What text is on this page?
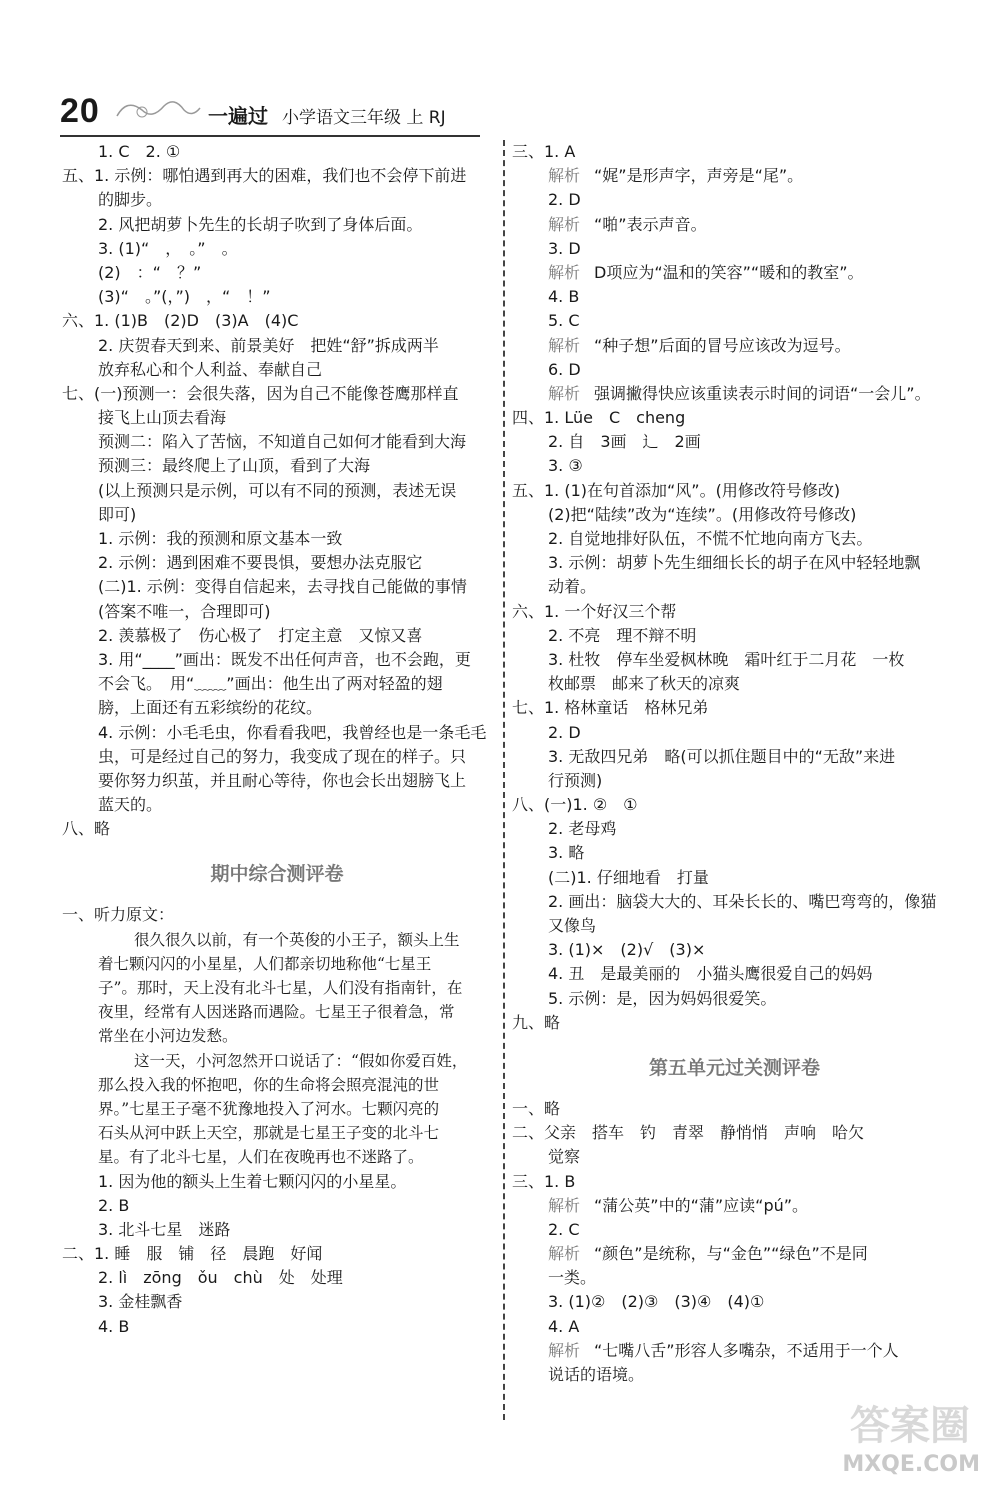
20	一遍过 小学语文三年级 上 RJ
1. C　2. ①
五、1. 示例：哪怕遇到再大的困难，我们也不会停下前进
的脚步。
2. 风把胡萝卜先生的长胡子吹到了身体后面。
3. (1)“　，　。”　。
(2)　：“　？”
(3)“　。”(，”)　，“　！”
六、1. (1)B　(2)D　(3)A　(4)C
2. 庆贺春天到来、前景美好　把姓“舒”拆成两半
放弃私心和个人利益、奉献自己
七、(一)预测一：会很失落，因为自己不能像苍鹰那样直
接飞上山顶去看海
预测二：陷入了苦恼，不知道自己如何才能看到大海
预测三：最终爬上了山顶，看到了大海
(以上预测只是示例，可以有不同的预测，表述无误
即可)
1. 示例：我的预测和原文基本一致
2. 示例：遇到困难不要畏惧，要想办法克服它
(二)1. 示例：变得自信起来，去寻找自己能做的事情
(答案不唯一，合理即可)
2. 羡慕极了　伤心极了　打定主意　又惊又喜
3. 用“____”画出：既发不出任何声音，也不会跑，更
不会飞。　用“﹏﹏”画出：他生出了两对轻盈的翅
膀，上面还有五彩缤纷的花纹。
4. 示例：小毛毛虫，你看看我吧，我曾经也是一条毛毛
虫，可是经过自己的努力，我变成了现在的样子。只
要你努力织茧，并且耐心等待，你也会长出翅膀飞上
蓝天的。
八、略
期中综合测评卷
一、听力原文：
很久很久以前，有一个英俊的小王子，额头上生
着七颗闪闪的小星星，人们都亲切地称他“七星王
子”。那时，天上没有北斗七星，人们没有指南针，在
夜里，经常有人因迷路而遇险。七星王子很着急，常
常坐在小河边发愁。
这一天，小河忽然开口说话了：“假如你爱百姓，
那么投入我的怀抱吧，你的生命将会照亮混沌的世
界。”七星王子毫不犹豫地投入了河水。七颗闪亮的
石头从河中跃上天空，那就是七星王子变的北斗七
星。有了北斗七星，人们在夜晚再也不迷路了。
1. 因为他的额头上生着七颗闪闪的小星星。
2. B
3. 北斗七星　迷路
二、1. 睡　服　铺　径　晨跑　好闻
2. lì　zōng　ǒu　chù　处　处理
3. 金桂飘香
4. B
三、1. A
解析 “娓”是形声字，声旁是“尾”。
2. D
解析 “啪”表示声音。
3. D
解析 D项应为“温和的笑容”“暖和的教室”。
4. B
5. C
解析 “种子想”后面的冒号应该改为逗号。
6. D
解析 强调撇得快应该重读表示时间的词语“一会儿”。
四、1. Lüe　C　cheng
2. 自　3画　辶　2画
3. ③
五、1. (1)在句首添加“风”。(用修改符号修改)
(2)把“陆续”改为“连续”。(用修改符号修改)
2. 自觉地排好队伍，不慌不忙地向南方飞去。
3. 示例：胡萝卜先生细细长长的胡子在风中轻轻地飘
动着。
六、1. 一个好汉三个帮
2. 不亮　理不辩不明
3. 杜牧　停车坐爱枫林晚　霜叶红于二月花　一枚
枚邮票　邮来了秋天的凉爽
七、1. 格林童话　格林兄弟
2. D
3. 无敌四兄弟　略(可以抓住题目中的“无敌”来进
行预测)
八、(一)1. ②　①
2. 老母鸡
3. 略
(二)1. 仔细地看　打量
2. 画出：脑袋大大的、耳朵长长的、嘴巴弯弯的，像猫
又像鸟
3. (1)×　(2)√　(3)×
4. 丑　是最美丽的　小猫头鹰很爱自己的妈妈
5. 示例：是，因为妈妈很爱笑。
九、略
第五单元过关测评卷
一、略
二、父亲　搭车　钓　青翠　静悄悄　声响　哈欠
觉察
三、1. B
解析 “蒲公英”中的“蒲”应读“pú”。
2. C
解析 “颜色”是统称，与“金色”“绿色”不是同
一类。
3. (1)②　(2)③　(3)④　(4)①
4. A
解析 “七嘴八舌”形容人多嘴杂，不适用于一个人
说话的语境。
答案圈
MXQE.COM
